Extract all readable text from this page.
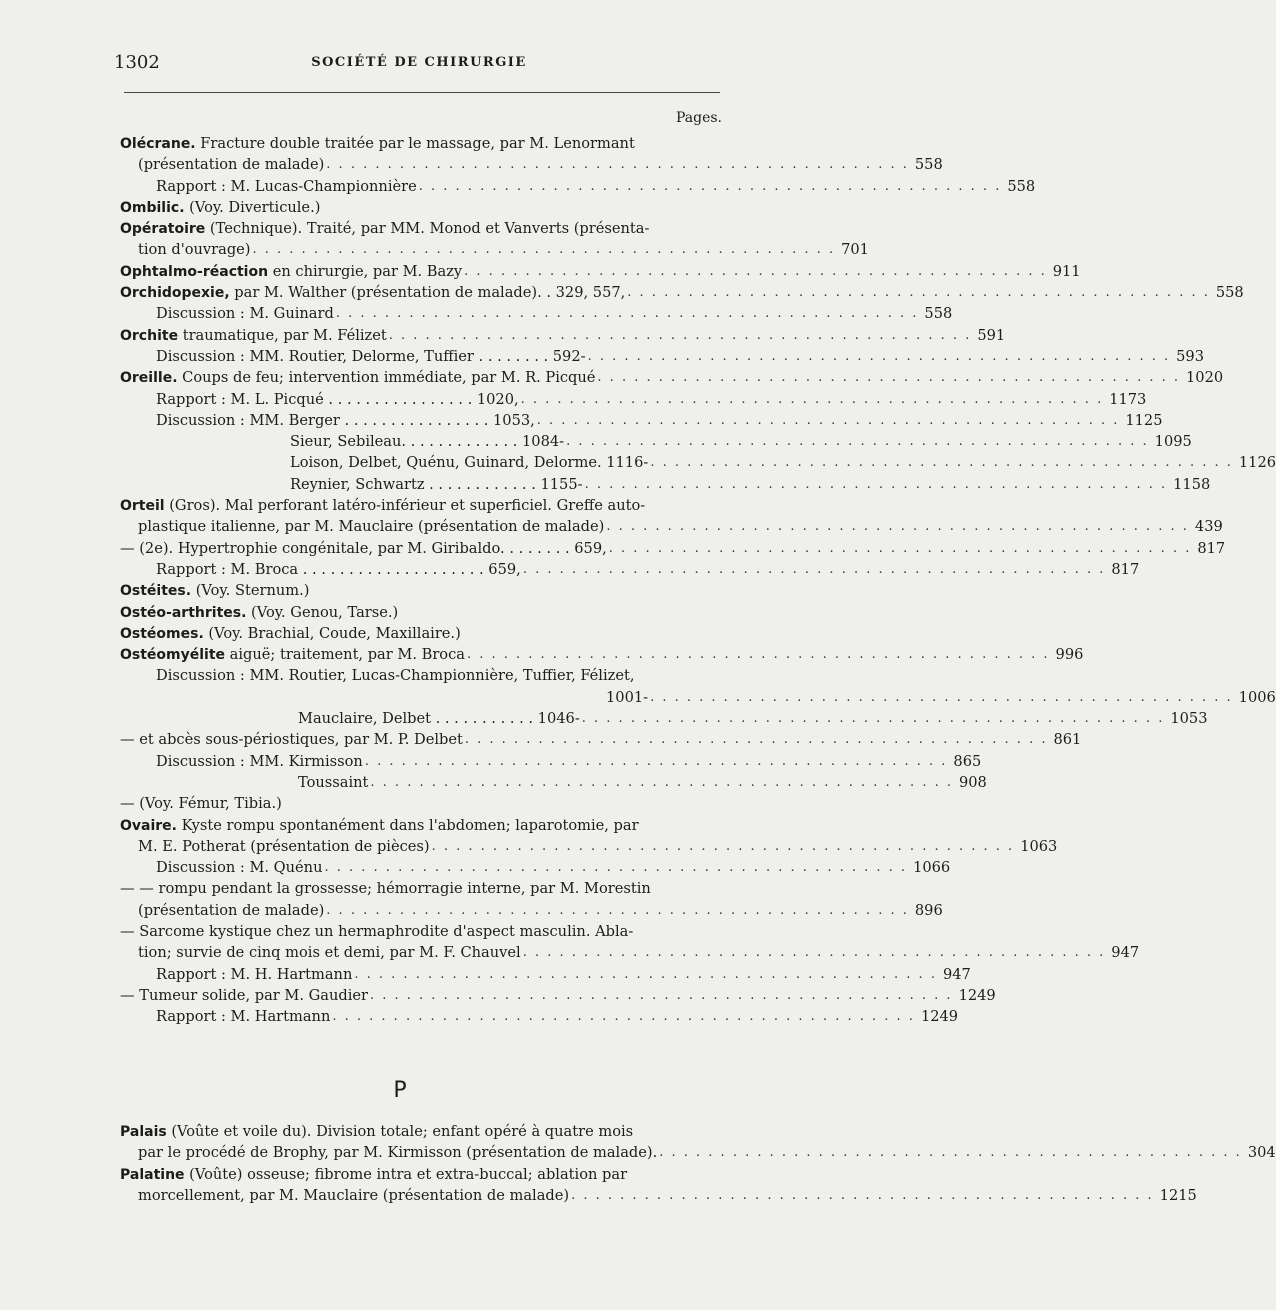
1302	SOCIÉTÉ DE CHIRURGIE
Pages.
Olécrane. Fracture double traitée par le massage, par M. Lenormant
(présentation de malade) . . . . . . . . . . . . . . . . . . . . . . . . . . . . . . . . . . . . . . . . . . . . . . . . 558
Rapport : M. Lucas-Championnière . . . . . . . . . . . . . . . . . . . . . . . . . . . . . . . . . . . . . . . . . . . . . . . . 558
Ombilic. (Voy. Diverticule.)
Opératoire (Technique). Traité, par MM. Monod et Vanverts (présenta-
tion d'ouvrage) . . . . . . . . . . . . . . . . . . . . . . . . . . . . . . . . . . . . . . . . . . . . . . . . 701
Ophtalmo-réaction en chirurgie, par M. Bazy . . . . . . . . . . . . . . . . . . . . . . . . . . . . . . . . . . . . . . . . . . . . . . . . 911
Orchidopexie, par M. Walther (présentation de malade). . 329, 557, . . . . . . . . . . . . . . . . . . . . . . . . . . . . . . . . . . . . . . . . . . . . . . . . 558
Discussion : M. Guinard . . . . . . . . . . . . . . . . . . . . . . . . . . . . . . . . . . . . . . . . . . . . . . . . 558
Orchite traumatique, par M. Félizet . . . . . . . . . . . . . . . . . . . . . . . . . . . . . . . . . . . . . . . . . . . . . . . . 591
Discussion : MM. Routier, Delorme, Tuffier . . . . . . . . 592- . . . . . . . . . . . . . . . . . . . . . . . . . . . . . . . . . . . . . . . . . . . . . . . . 593
Oreille. Coups de feu; intervention immédiate, par M. R. Picqué . . . . . . . . . . . . . . . . . . . . . . . . . . . . . . . . . . . . . . . . . . . . . . . . 1020
Rapport : M. L. Picqué . . . . . . . . . . . . . . . . 1020, . . . . . . . . . . . . . . . . . . . . . . . . . . . . . . . . . . . . . . . . . . . . . . . . 1173
Discussion : MM. Berger . . . . . . . . . . . . . . . . 1053, . . . . . . . . . . . . . . . . . . . . . . . . . . . . . . . . . . . . . . . . . . . . . . . . 1125
Sieur, Sebileau. . . . . . . . . . . . . 1084- . . . . . . . . . . . . . . . . . . . . . . . . . . . . . . . . . . . . . . . . . . . . . . . . 1095
Loison, Delbet, Quénu, Guinard, Delorme. 1116- . . . . . . . . . . . . . . . . . . . . . . . . . . . . . . . . . . . . . . . . . . . . . . . . 1126
Reynier, Schwartz . . . . . . . . . . . . 1155- . . . . . . . . . . . . . . . . . . . . . . . . . . . . . . . . . . . . . . . . . . . . . . . . 1158
Orteil (Gros). Mal perforant latéro-inférieur et superficiel. Greffe auto-
plastique italienne, par M. Mauclaire (présentation de malade) . . . . . . . . . . . . . . . . . . . . . . . . . . . . . . . . . . . . . . . . . . . . . . . . 439
— (2e). Hypertrophie congénitale, par M. Giribaldo. . . . . . . . 659, . . . . . . . . . . . . . . . . . . . . . . . . . . . . . . . . . . . . . . . . . . . . . . . . 817
Rapport : M. Broca . . . . . . . . . . . . . . . . . . . . 659, . . . . . . . . . . . . . . . . . . . . . . . . . . . . . . . . . . . . . . . . . . . . . . . . 817
Ostéites. (Voy. Sternum.)
Ostéo-arthrites. (Voy. Genou, Tarse.)
Ostéomes. (Voy. Brachial, Coude, Maxillaire.)
Ostéomyélite aiguë; traitement, par M. Broca . . . . . . . . . . . . . . . . . . . . . . . . . . . . . . . . . . . . . . . . . . . . . . . . 996
Discussion : MM. Routier, Lucas-Championnière, Tuffier, Félizet,
1001- . . . . . . . . . . . . . . . . . . . . . . . . . . . . . . . . . . . . . . . . . . . . . . . . 1006
Mauclaire, Delbet . . . . . . . . . . . 1046- . . . . . . . . . . . . . . . . . . . . . . . . . . . . . . . . . . . . . . . . . . . . . . . . 1053
— et abcès sous-périostiques, par M. P. Delbet . . . . . . . . . . . . . . . . . . . . . . . . . . . . . . . . . . . . . . . . . . . . . . . . 861
Discussion : MM. Kirmisson . . . . . . . . . . . . . . . . . . . . . . . . . . . . . . . . . . . . . . . . . . . . . . . . 865
Toussaint . . . . . . . . . . . . . . . . . . . . . . . . . . . . . . . . . . . . . . . . . . . . . . . . 908
— (Voy. Fémur, Tibia.)
Ovaire. Kyste rompu spontanément dans l'abdomen; laparotomie, par
M. E. Potherat (présentation de pièces) . . . . . . . . . . . . . . . . . . . . . . . . . . . . . . . . . . . . . . . . . . . . . . . . 1063
Discussion : M. Quénu . . . . . . . . . . . . . . . . . . . . . . . . . . . . . . . . . . . . . . . . . . . . . . . . 1066
— — rompu pendant la grossesse; hémorragie interne, par M. Morestin
(présentation de malade) . . . . . . . . . . . . . . . . . . . . . . . . . . . . . . . . . . . . . . . . . . . . . . . . 896
— Sarcome kystique chez un hermaphrodite d'aspect masculin. Abla-
tion; survie de cinq mois et demi, par M. F. Chauvel . . . . . . . . . . . . . . . . . . . . . . . . . . . . . . . . . . . . . . . . . . . . . . . . 947
Rapport : M. H. Hartmann . . . . . . . . . . . . . . . . . . . . . . . . . . . . . . . . . . . . . . . . . . . . . . . . 947
— Tumeur solide, par M. Gaudier . . . . . . . . . . . . . . . . . . . . . . . . . . . . . . . . . . . . . . . . . . . . . . . . 1249
Rapport : M. Hartmann . . . . . . . . . . . . . . . . . . . . . . . . . . . . . . . . . . . . . . . . . . . . . . . . 1249
P
Palais (Voûte et voile du). Division totale; enfant opéré à quatre mois
par le procédé de Brophy, par M. Kirmisson (présentation de malade). . . . . . . . . . . . . . . . . . . . . . . . . . . . . . . . . . . . . . . . . . . . . . . . . 304
Palatine (Voûte) osseuse; fibrome intra et extra-buccal; ablation par
morcellement, par M. Mauclaire (présentation de malade) . . . . . . . . . . . . . . . . . . . . . . . . . . . . . . . . . . . . . . . . . . . . . . . . 1215
